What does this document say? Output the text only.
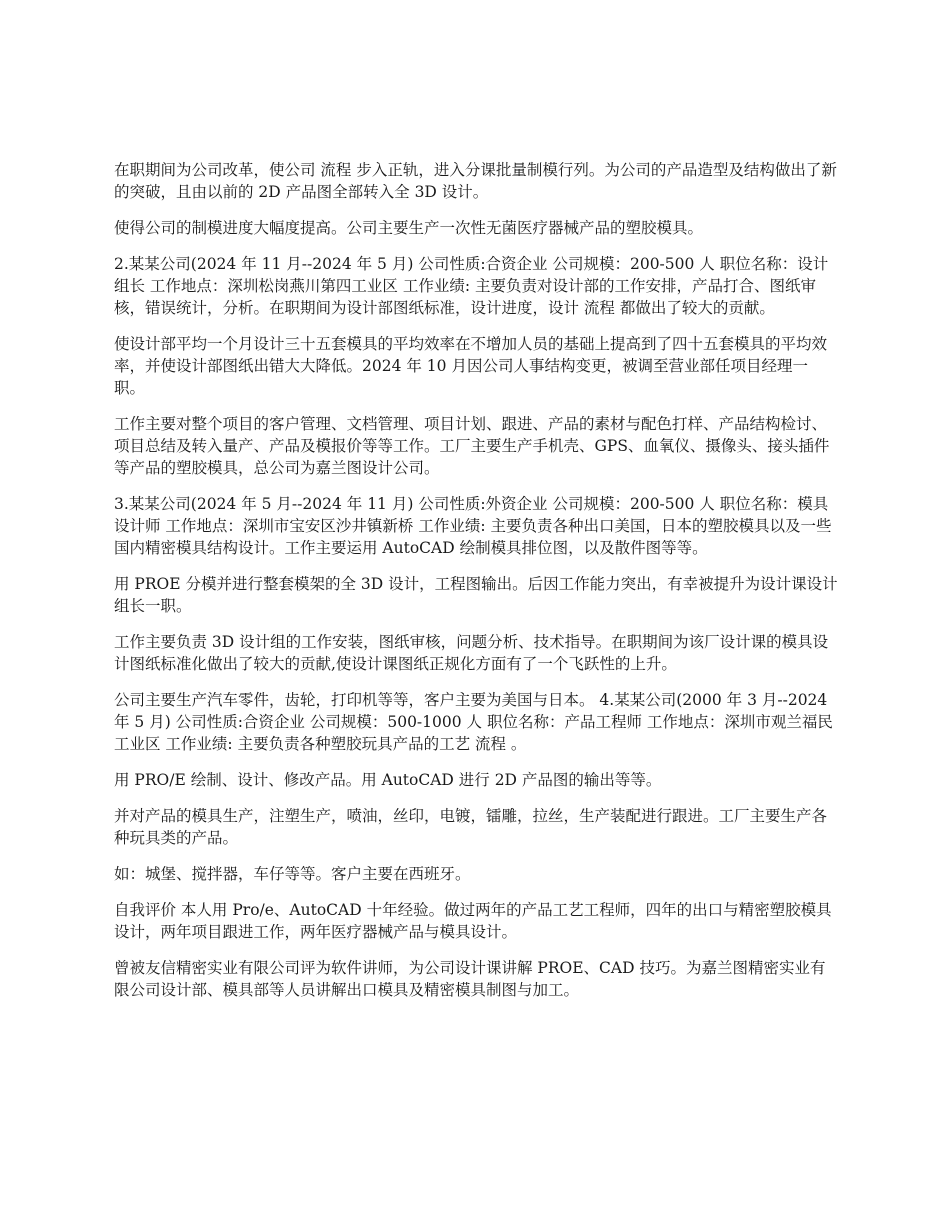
在职期间为公司改革，使公司 流程 步入正轨，进入分课批量制模行列。为公司的产品造型及结构做出了新的突破，且由以前的 2D 产品图全部转入全 3D 设计。

使得公司的制模进度大幅度提高。公司主要生产一次性无菌医疗器械产品的塑胶模具。

2.某某公司(2024 年 11 月--2024 年 5 月) 公司性质:合资企业 公司规模：200-500 人 职位名称：设计组长 工作地点：深圳松岗燕川第四工业区 工作业绩: 主要负责对设计部的工作安排，产品打合、图纸审核，错误统计，分析。在职期间为设计部图纸标准，设计进度，设计 流程 都做出了较大的贡献。

使设计部平均一个月设计三十五套模具的平均效率在不增加人员的基础上提高到了四十五套模具的平均效率，并使设计部图纸出错大大降低。2024 年 10 月因公司人事结构变更，被调至营业部任项目经理一职。

工作主要对整个项目的客户管理、文档管理、项目计划、跟进、产品的素材与配色打样、产品结构检讨、项目总结及转入量产、产品及模报价等等工作。工厂主要生产手机壳、GPS、血氧仪、摄像头、接头插件等产品的塑胶模具，总公司为嘉兰图设计公司。

3.某某公司(2024 年 5 月--2024 年 11 月) 公司性质:外资企业 公司规模：200-500 人 职位名称：模具设计师 工作地点：深圳市宝安区沙井镇新桥 工作业绩: 主要负责各种出口美国，日本的塑胶模具以及一些国内精密模具结构设计。工作主要运用 AutoCAD 绘制模具排位图，以及散件图等等。

用 PROE 分模并进行整套模架的全 3D 设计，工程图输出。后因工作能力突出，有幸被提升为设计课设计组长一职。

工作主要负责 3D 设计组的工作安装，图纸审核，问题分析、技术指导。在职期间为该厂设计课的模具设计图纸标准化做出了较大的贡献,使设计课图纸正规化方面有了一个飞跃性的上升。

公司主要生产汽车零件，齿轮，打印机等等，客户主要为美国与日本。 4.某某公司(2000 年 3 月--2024 年 5 月) 公司性质:合资企业 公司规模：500-1000 人 职位名称：产品工程师 工作地点：深圳市观兰福民工业区 工作业绩: 主要负责各种塑胶玩具产品的工艺 流程 。

用 PRO/E 绘制、设计、修改产品。用 AutoCAD 进行 2D 产品图的输出等等。

并对产品的模具生产，注塑生产，喷油，丝印，电镀，镭雕，拉丝，生产装配进行跟进。工厂主要生产各种玩具类的产品。

如：城堡、搅拌器，车仔等等。客户主要在西班牙。

自我评价 本人用 Pro/e、AutoCAD 十年经验。做过两年的产品工艺工程师，四年的出口与精密塑胶模具设计，两年项目跟进工作，两年医疗器械产品与模具设计。

曾被友信精密实业有限公司评为软件讲师，为公司设计课讲解 PROE、CAD 技巧。为嘉兰图精密实业有限公司设计部、模具部等人员讲解出口模具及精密模具制图与加工。
